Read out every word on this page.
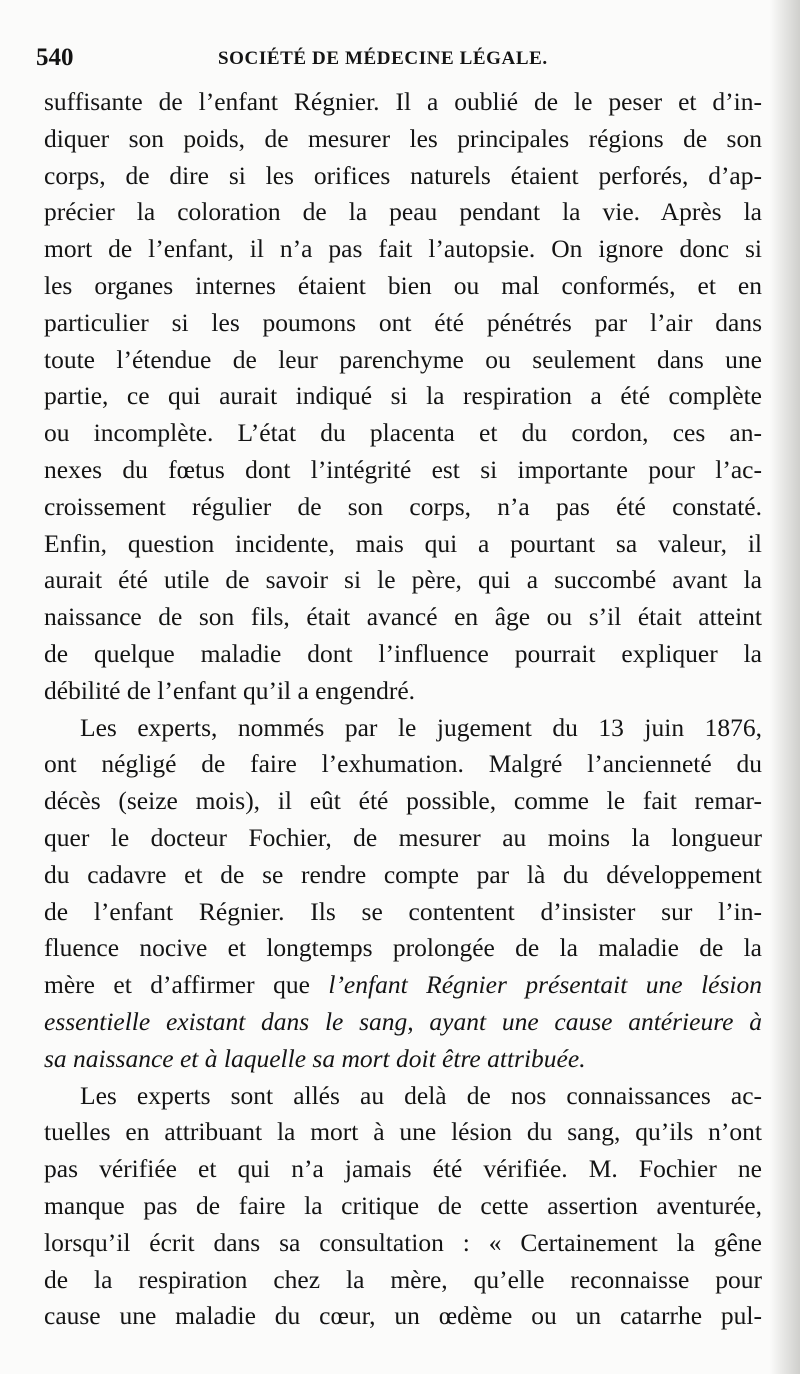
540	SOCIÉTÉ DE MÉDECINE LÉGALE.
suffisante de l’enfant Régnier. Il a oublié de le peser et d’in-
diquer son poids, de mesurer les principales régions de son
corps, de dire si les orifices naturels étaient perforés, d’ap-
précier la coloration de la peau pendant la vie. Après la
mort de l’enfant, il n’a pas fait l’autopsie. On ignore donc si
les organes internes étaient bien ou mal conformés, et en
particulier si les poumons ont été pénétrés par l’air dans
toute l’étendue de leur parenchyme ou seulement dans une
partie, ce qui aurait indiqué si la respiration a été complète
ou incomplète. L’état du placenta et du cordon, ces an-
nexes du fœtus dont l’intégrité est si importante pour l’ac-
croissement régulier de son corps, n’a pas été constaté.
Enfin, question incidente, mais qui a pourtant sa valeur, il
aurait été utile de savoir si le père, qui a succombé avant la
naissance de son fils, était avancé en âge ou s’il était atteint
de quelque maladie dont l’influence pourrait expliquer la
débilité de l’enfant qu’il a engendré.
Les experts, nommés par le jugement du 13 juin 1876,
ont négligé de faire l’exhumation. Malgré l’ancienneté du
décès (seize mois), il eût été possible, comme le fait remar-
quer le docteur Fochier, de mesurer au moins la longueur
du cadavre et de se rendre compte par là du développement
de l’enfant Régnier. Ils se contentent d’insister sur l’in-
fluence nocive et longtemps prolongée de la maladie de la
mère et d’affirmer que l’enfant Régnier présentait une lésion
essentielle existant dans le sang, ayant une cause antérieure à
sa naissance et à laquelle sa mort doit être attribuée.
Les experts sont allés au delà de nos connaissances ac-
tuelles en attribuant la mort à une lésion du sang, qu’ils n’ont
pas vérifiée et qui n’a jamais été vérifiée. M. Fochier ne
manque pas de faire la critique de cette assertion aventurée,
lorsqu’il écrit dans sa consultation : « Certainement la gêne
de la respiration chez la mère, qu’elle reconnaisse pour
cause une maladie du cœur, un œdème ou un catarrhe pul-
